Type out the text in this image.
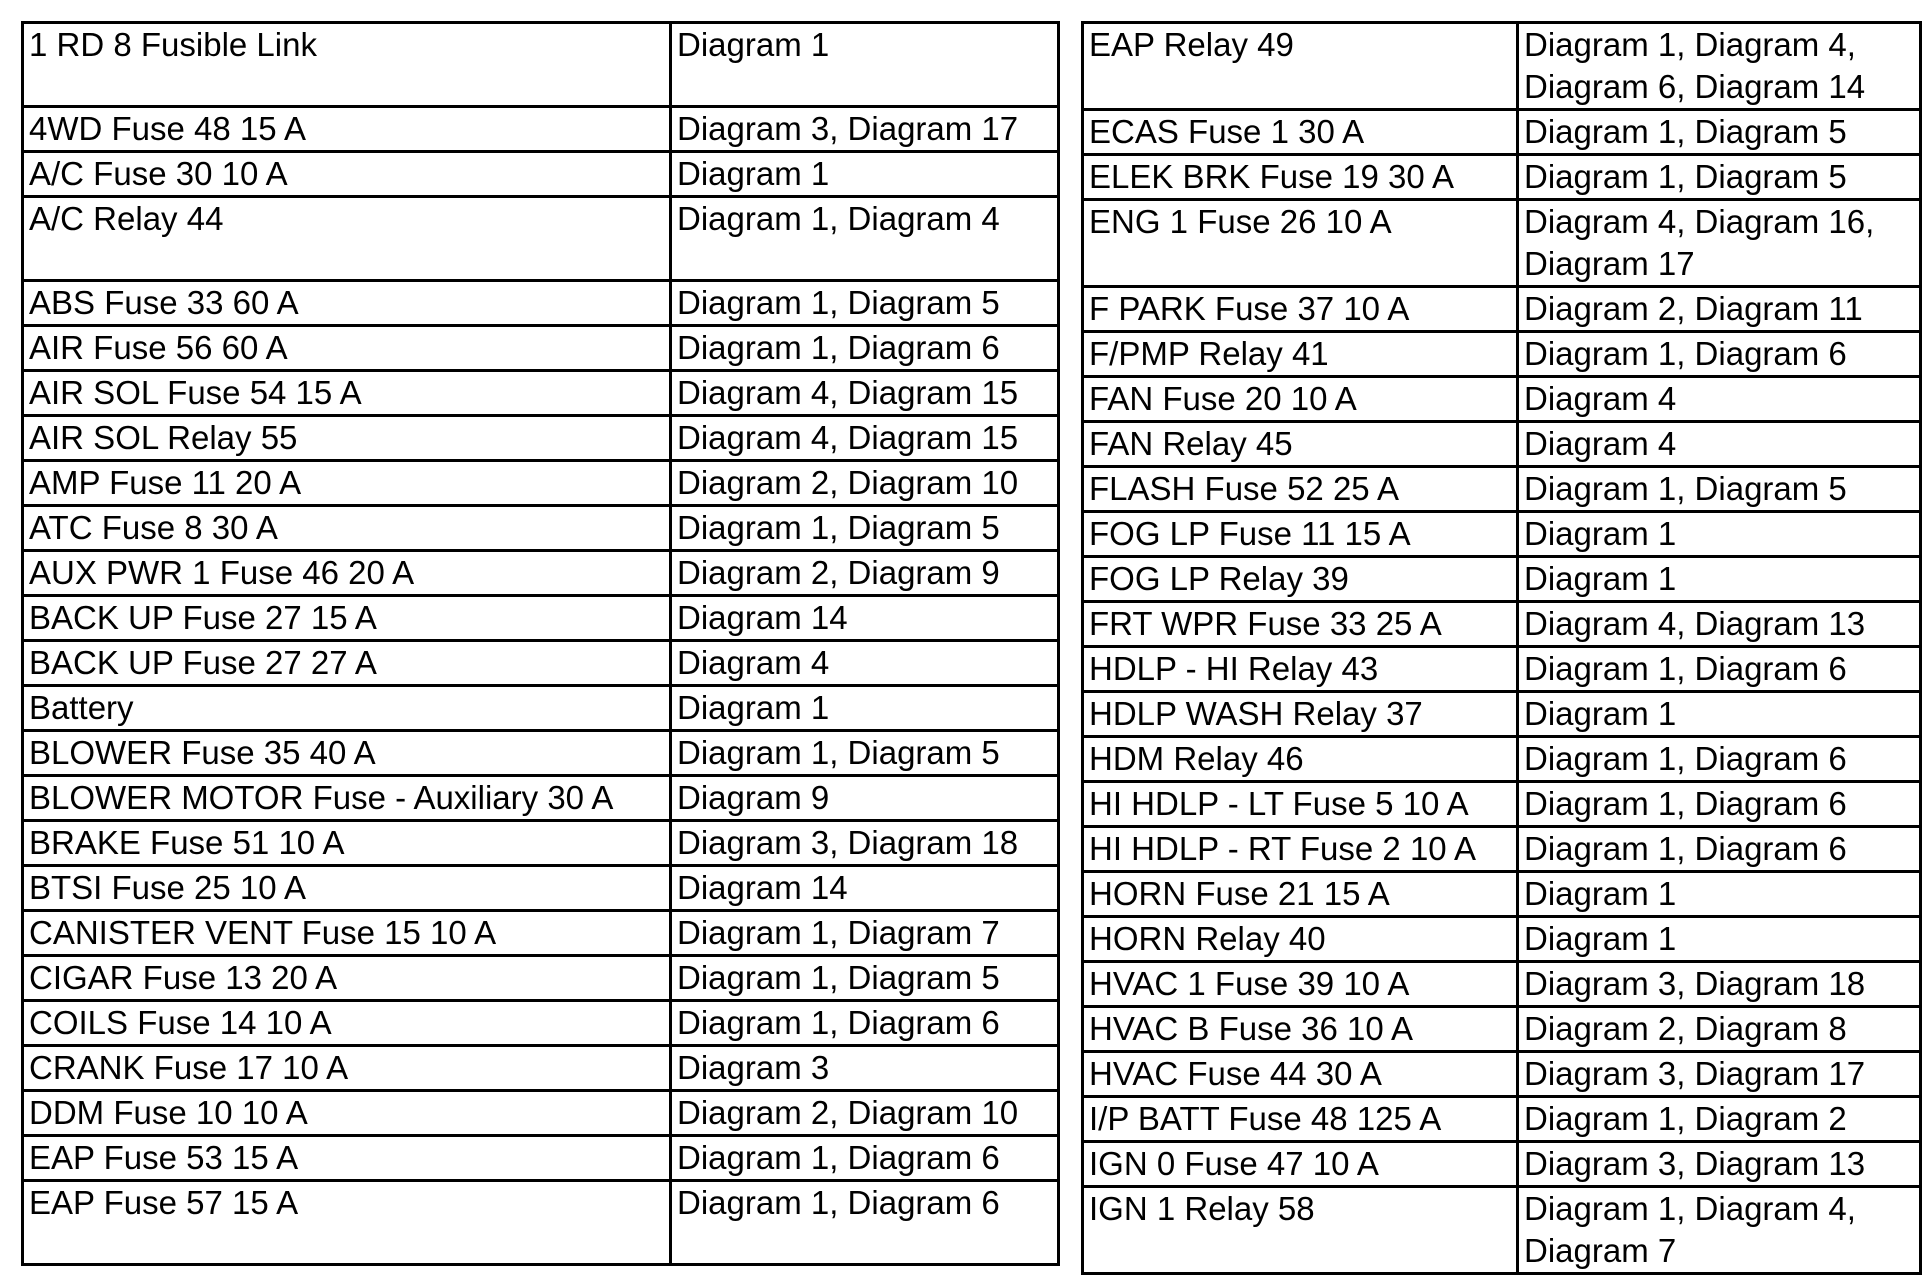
1 RD 8 Fusible Link	Diagram 1
4WD Fuse 48 15 A	Diagram 3, Diagram 17
A/C Fuse 30 10 A	Diagram 1
A/C Relay 44	Diagram 1, Diagram 4
ABS Fuse 33 60 A	Diagram 1, Diagram 5
AIR Fuse 56 60 A	Diagram 1, Diagram 6
AIR SOL Fuse 54 15 A	Diagram 4, Diagram 15
AIR SOL Relay 55	Diagram 4, Diagram 15
AMP Fuse 11 20 A	Diagram 2, Diagram 10
ATC Fuse 8 30 A	Diagram 1, Diagram 5
AUX PWR 1 Fuse 46 20 A	Diagram 2, Diagram 9
BACK UP Fuse 27 15 A	Diagram 14
BACK UP Fuse 27 27 A	Diagram 4
Battery	Diagram 1
BLOWER Fuse 35 40 A	Diagram 1, Diagram 5
BLOWER MOTOR Fuse - Auxiliary 30 A	Diagram 9
BRAKE Fuse 51 10 A	Diagram 3, Diagram 18
BTSI Fuse 25 10 A	Diagram 14
CANISTER VENT Fuse 15 10 A	Diagram 1, Diagram 7
CIGAR Fuse 13 20 A	Diagram 1, Diagram 5
COILS Fuse 14 10 A	Diagram 1, Diagram 6
CRANK Fuse 17 10 A	Diagram 3
DDM Fuse 10 10 A	Diagram 2, Diagram 10
EAP Fuse 53 15 A	Diagram 1, Diagram 6
EAP Fuse 57 15 A	Diagram 1, Diagram 6
EAP Relay 49	Diagram 1, Diagram 4, Diagram 6, Diagram 14
ECAS Fuse 1 30 A	Diagram 1, Diagram 5
ELEK BRK Fuse 19 30 A	Diagram 1, Diagram 5
ENG 1 Fuse 26 10 A	Diagram 4, Diagram 16, Diagram 17
F PARK Fuse 37 10 A	Diagram 2, Diagram 11
F/PMP Relay 41	Diagram 1, Diagram 6
FAN Fuse 20 10 A	Diagram 4
FAN Relay 45	Diagram 4
FLASH Fuse 52 25 A	Diagram 1, Diagram 5
FOG LP Fuse 11 15 A	Diagram 1
FOG LP Relay 39	Diagram 1
FRT WPR Fuse 33 25 A	Diagram 4, Diagram 13
HDLP - HI Relay 43	Diagram 1, Diagram 6
HDLP WASH Relay 37	Diagram 1
HDM Relay 46	Diagram 1, Diagram 6
HI HDLP - LT Fuse 5 10 A	Diagram 1, Diagram 6
HI HDLP - RT Fuse 2 10 A	Diagram 1, Diagram 6
HORN Fuse 21 15 A	Diagram 1
HORN Relay 40	Diagram 1
HVAC 1 Fuse 39 10 A	Diagram 3, Diagram 18
HVAC B Fuse 36 10 A	Diagram 2, Diagram 8
HVAC Fuse 44 30 A	Diagram 3, Diagram 17
I/P BATT Fuse 48 125 A	Diagram 1, Diagram 2
IGN 0 Fuse 47 10 A	Diagram 3, Diagram 13
IGN 1 Relay 58	Diagram 1, Diagram 4, Diagram 7
